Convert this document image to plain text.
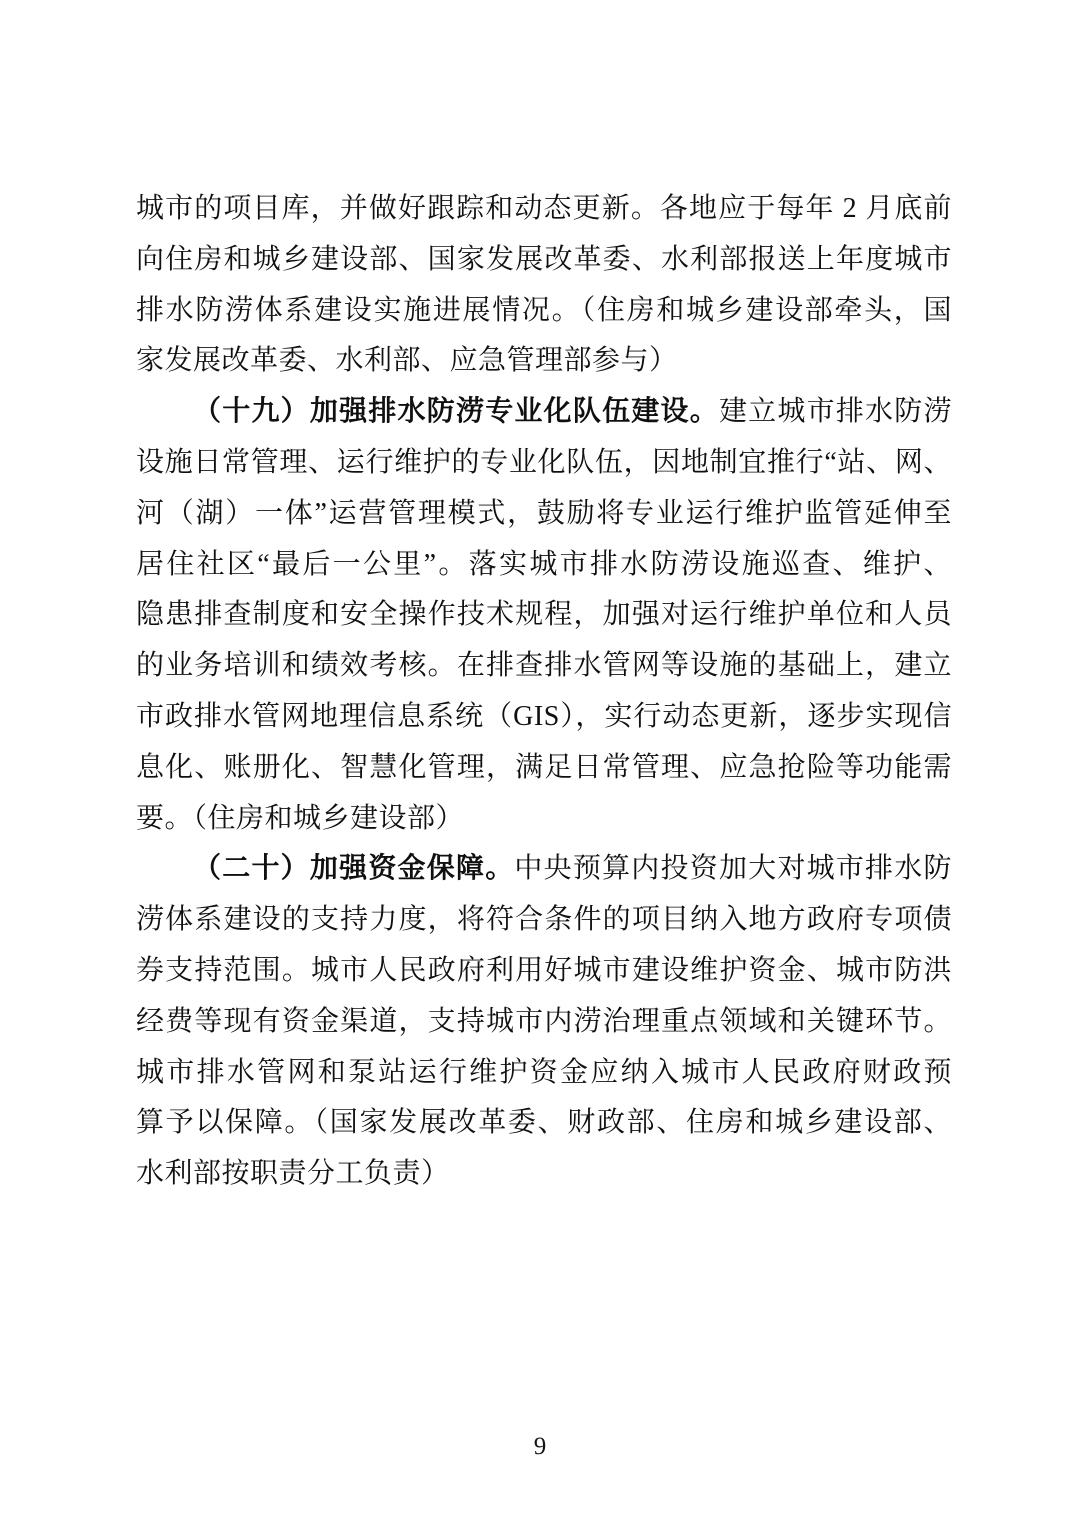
城市的项目库，并做好跟踪和动态更新。各地应于每年 2 月底前
向住房和城乡建设部、国家发展改革委、水利部报送上年度城市
排水防涝体系建设实施进展情况。（住房和城乡建设部牵头，国
家发展改革委、水利部、应急管理部参与）
（十九）加强排水防涝专业化队伍建设。建立城市排水防涝
设施日常管理、运行维护的专业化队伍，因地制宜推行“站、网、
河（湖）一体”运营管理模式，鼓励将专业运行维护监管延伸至
居住社区“最后一公里”。落实城市排水防涝设施巡查、维护、
隐患排查制度和安全操作技术规程，加强对运行维护单位和人员
的业务培训和绩效考核。在排查排水管网等设施的基础上，建立
市政排水管网地理信息系统（GIS），实行动态更新，逐步实现信
息化、账册化、智慧化管理，满足日常管理、应急抢险等功能需
要。（住房和城乡建设部）
（二十）加强资金保障。中央预算内投资加大对城市排水防
涝体系建设的支持力度，将符合条件的项目纳入地方政府专项债
券支持范围。城市人民政府利用好城市建设维护资金、城市防洪
经费等现有资金渠道，支持城市内涝治理重点领域和关键环节。
城市排水管网和泵站运行维护资金应纳入城市人民政府财政预
算予以保障。（国家发展改革委、财政部、住房和城乡建设部、
水利部按职责分工负责）
9
